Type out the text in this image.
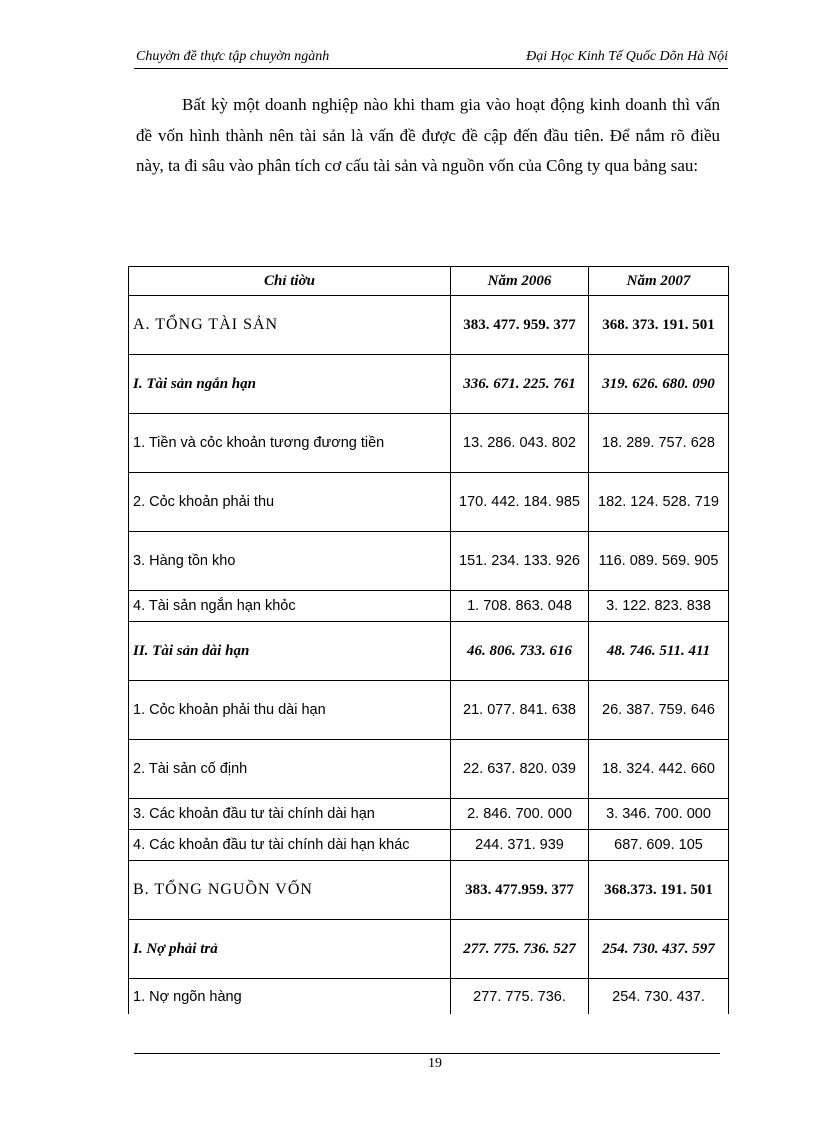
Chuyờn đề thực tập chuyờn ngành	Đại Học Kinh Tế Quốc Dõn Hà Nội

Bất kỳ một doanh nghiệp nào khi tham gia vào hoạt động kinh doanh thì vấn đề vốn hình thành nên tài sản là vấn đề được đề cập đến đầu tiên. Để nắm rõ điều này, ta đi sâu vào phân tích cơ cấu tài sản và nguồn vốn của Công ty qua bảng sau:

Chỉ tiờu	Năm 2006	Năm 2007
A. TỔNG TÀI SẢN	383. 477. 959. 377	368. 373. 191. 501
I. Tài sản ngắn hạn	336. 671. 225. 761	319. 626. 680. 090
1. Tiền và cỏc khoản tương đương tiền	13. 286. 043. 802	18. 289. 757. 628
2. Cỏc khoản phải thu	170. 442. 184. 985	182. 124. 528. 719
3. Hàng tồn kho	151. 234. 133. 926	116. 089. 569. 905
4. Tài sản ngắn hạn khỏc	1. 708. 863. 048	3. 122. 823. 838
II. Tài sản dài hạn	46. 806. 733. 616	48. 746. 511. 411
1. Cỏc khoản phải thu dài hạn	21. 077. 841. 638	26. 387. 759. 646
2. Tài sản cố định	22. 637. 820. 039	18. 324. 442. 660
3. Các khoản đầu tư tài chính dài hạn	2. 846. 700. 000	3. 346. 700. 000
4. Các khoản đầu tư tài chính dài hạn khác	244. 371. 939	687. 609. 105
B. TỔNG NGUỒN VỐN	383. 477.959. 377	368.373. 191. 501
I. Nợ phải trả	277. 775. 736. 527	254. 730. 437. 597
1. Nợ ngõn hàng	277. 775. 736.	254. 730. 437.
19
